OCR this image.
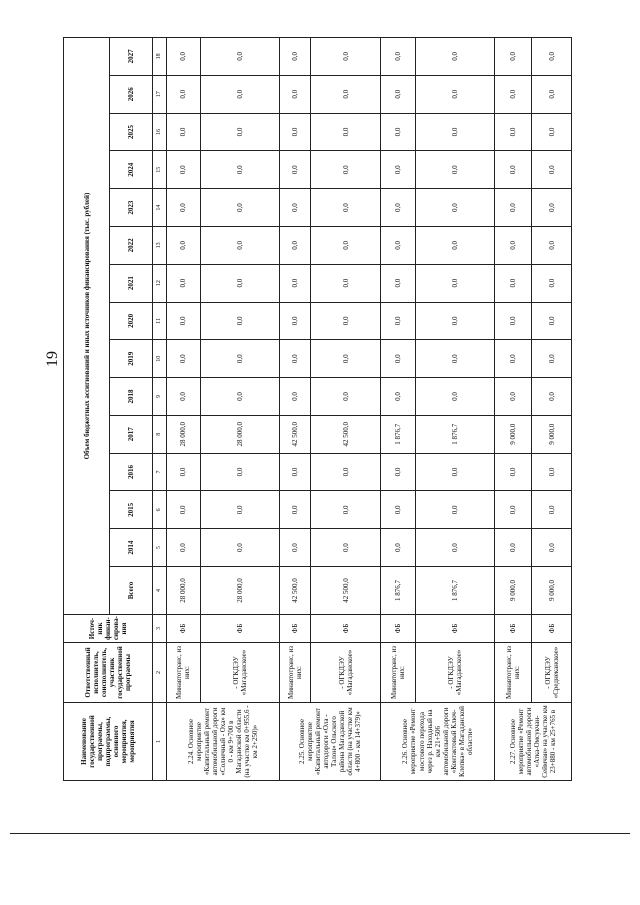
19
Наименование государственной программы, подпрограммы, основного мероприятия, мероприятия	Ответственный исполнитель, соисполнитель, участник государственной программы	Источ-ник финан-сирова-ния	Объем бюджетных ассигнований и иных источников финансирования (тыс. рублей)														
			Всего	2014	2015	2016	2017	2018	2019	2020	2021	2022	2023	2024	2025	2026	2027
1	2	3	4	5	6	7	8	9	10	11	12	13	14	15	16	17	18
2.24. Основное мероприятие «Капитальный ремонт автомобильной дороги «Солнечный - Оха» км 0 - км 9+700 в Магаданской области (на участке км 0+955,6 - км 2+250)»	Минавтотранс, из них:	ФБ	28 000,0	0,0	0,0	0,0	28 000,0	0,0	0,0	0,0	0,0	0,0	0,0	0,0	0,0	0,0	0,0
	- ОГКДЭУ «Магаданское»	ФБ	28 000,0	0,0	0,0	0,0	28 000,0	0,0	0,0	0,0	0,0	0,0	0,0	0,0	0,0	0,0	0,0
2.25. Основное мероприятие «Капитальный ремонт автодороги «Ола - Талон» Ольского района Магаданской области (на участке км 4+800 - км 14+379)»	Минавтотранс, из них:	ФБ	42 500,0	0,0	0,0	0,0	42 500,0	0,0	0,0	0,0	0,0	0,0	0,0	0,0	0,0	0,0	0,0
	- ОГКДЭУ «Магаданское»	ФБ	42 500,0	0,0	0,0	0,0	42 500,0	0,0	0,0	0,0	0,0	0,0	0,0	0,0	0,0	0,0	0,0
2.26. Основное мероприятие «Ремонт мостового перехода через р. Находный на км 21+506 автомобильной дороги «Контактовый Ключ-Клепка» в Магаданской области»	Минавтотранс, из них:	ФБ	1 876,7	0,0	0,0	0,0	1 876,7	0,0	0,0	0,0	0,0	0,0	0,0	0,0	0,0	0,0	0,0
	- ОГКДЭУ «Магаданское»	ФБ	1 876,7	0,0	0,0	0,0	1 876,7	0,0	0,0	0,0	0,0	0,0	0,0	0,0	0,0	0,0	0,0
2.27. Основное мероприятие «Ремонт автомобильной дороги «Атка-Омсукчан-Сеймчан» на участке км 23+880 - км 25+765 в	Минавтотранс, из них:	ФБ	9 000,0	0,0	0,0	0,0	9 000,0	0,0	0,0	0,0	0,0	0,0	0,0	0,0	0,0	0,0	0,0
	- ОГКДЭУ «Среднеканское»	ФБ	9 000,0	0,0	0,0	0,0	9 000,0	0,0	0,0	0,0	0,0	0,0	0,0	0,0	0,0	0,0	0,0
